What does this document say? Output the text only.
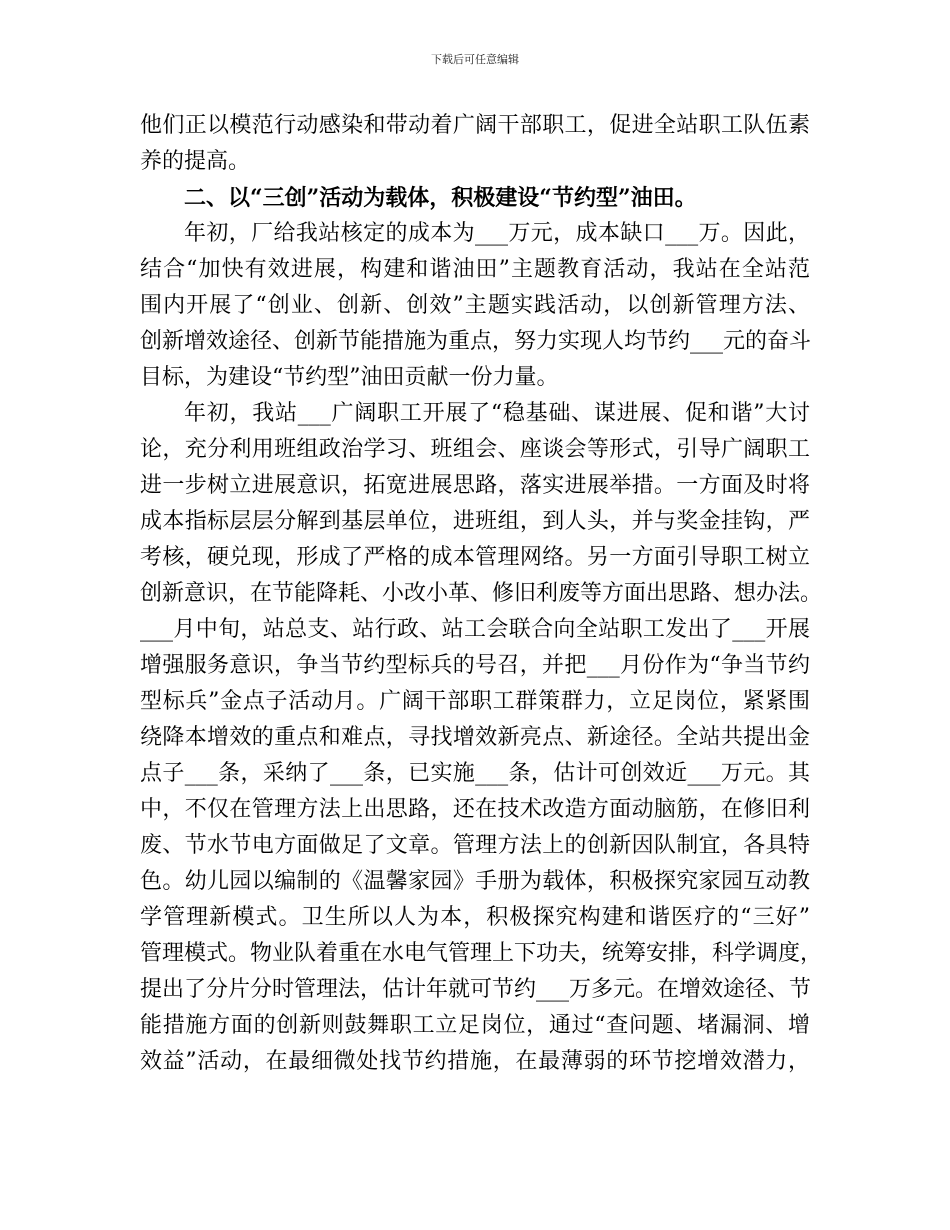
下载后可任意编辑
他们正以模范行动感染和带动着广阔干部职工，促进全站职工队伍素
养的提高。
二、以“三创”活动为载体，积极建设“节约型”油田。
年初，厂给我站核定的成本为___万元，成本缺口___万。因此，
结合“加快有效进展，构建和谐油田”主题教育活动，我站在全站范
围内开展了“创业、创新、创效”主题实践活动，以创新管理方法、
创新增效途径、创新节能措施为重点，努力实现人均节约___元的奋斗
目标，为建设“节约型”油田贡献一份力量。
年初，我站___广阔职工开展了“稳基础、谋进展、促和谐”大讨
论，充分利用班组政治学习、班组会、座谈会等形式，引导广阔职工
进一步树立进展意识，拓宽进展思路，落实进展举措。一方面及时将
成本指标层层分解到基层单位，进班组，到人头，并与奖金挂钩，严
考核，硬兑现，形成了严格的成本管理网络。另一方面引导职工树立
创新意识，在节能降耗、小改小革、修旧利废等方面出思路、想办法。
___月中旬，站总支、站行政、站工会联合向全站职工发出了___开展
增强服务意识，争当节约型标兵的号召，并把___月份作为“争当节约
型标兵”金点子活动月。广阔干部职工群策群力，立足岗位，紧紧围
绕降本增效的重点和难点，寻找增效新亮点、新途径。全站共提出金
点子___条，采纳了___条，已实施___条，估计可创效近___万元。其
中，不仅在管理方法上出思路，还在技术改造方面动脑筋，在修旧利
废、节水节电方面做足了文章。管理方法上的创新因队制宜，各具特
色。幼儿园以编制的《温馨家园》手册为载体，积极探究家园互动教
学管理新模式。卫生所以人为本，积极探究构建和谐医疗的“三好”
管理模式。物业队着重在水电气管理上下功夫，统筹安排，科学调度，
提出了分片分时管理法，估计年就可节约___万多元。在增效途径、节
能措施方面的创新则鼓舞职工立足岗位，通过“查问题、堵漏洞、增
效益”活动，在最细微处找节约措施，在最薄弱的环节挖增效潜力，
